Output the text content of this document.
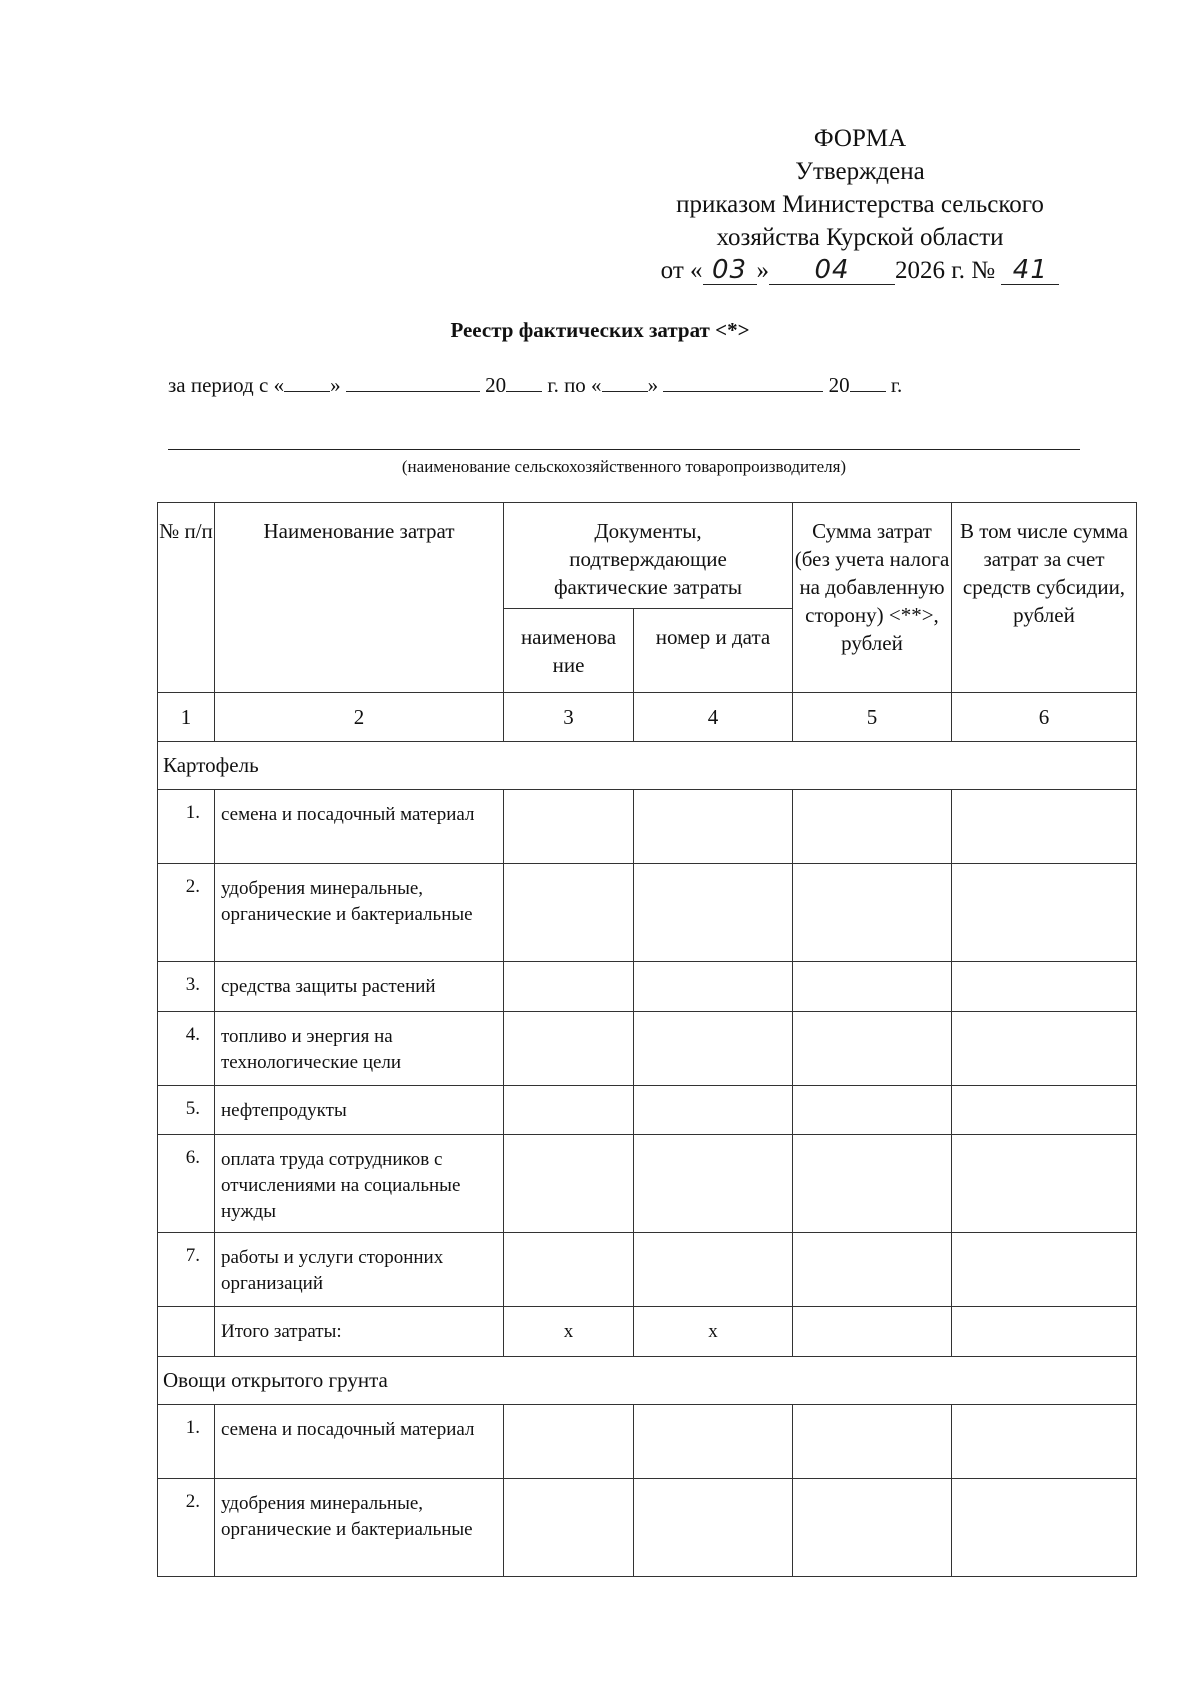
ФОРМА
Утверждена
приказом Министерства сельского
хозяйства Курской области
от « 03 » 04 2026 г. № 41
Реестр фактических затрат <*>
за период с « »	20 г. по « »	20 г.
(наименование сельскохозяйственного товаропроизводителя)
№ п/п	Наименование затрат	Документы, подтверждающие фактические затраты		Сумма затрат (без учета налога на добавленную сторону) <**>, рублей	В том числе сумма затрат за счет средств субсидии, рублей
		наименова ние	номер и дата		
1	2	3	4	5	6
Картофель					
1.	семена и посадочный материал				
2.	удобрения минеральные, органические и бактериальные				
3.	средства защиты растений				
4.	топливо и энергия на технологические цели				
5.	нефтепродукты				
6.	оплата труда сотрудников с отчислениями на социальные нужды				
7.	работы и услуги сторонних организаций				
	Итого затраты:	х	х		
Овощи открытого грунта					
1.	семена и посадочный материал				
2.	удобрения минеральные, органические и бактериальные				
